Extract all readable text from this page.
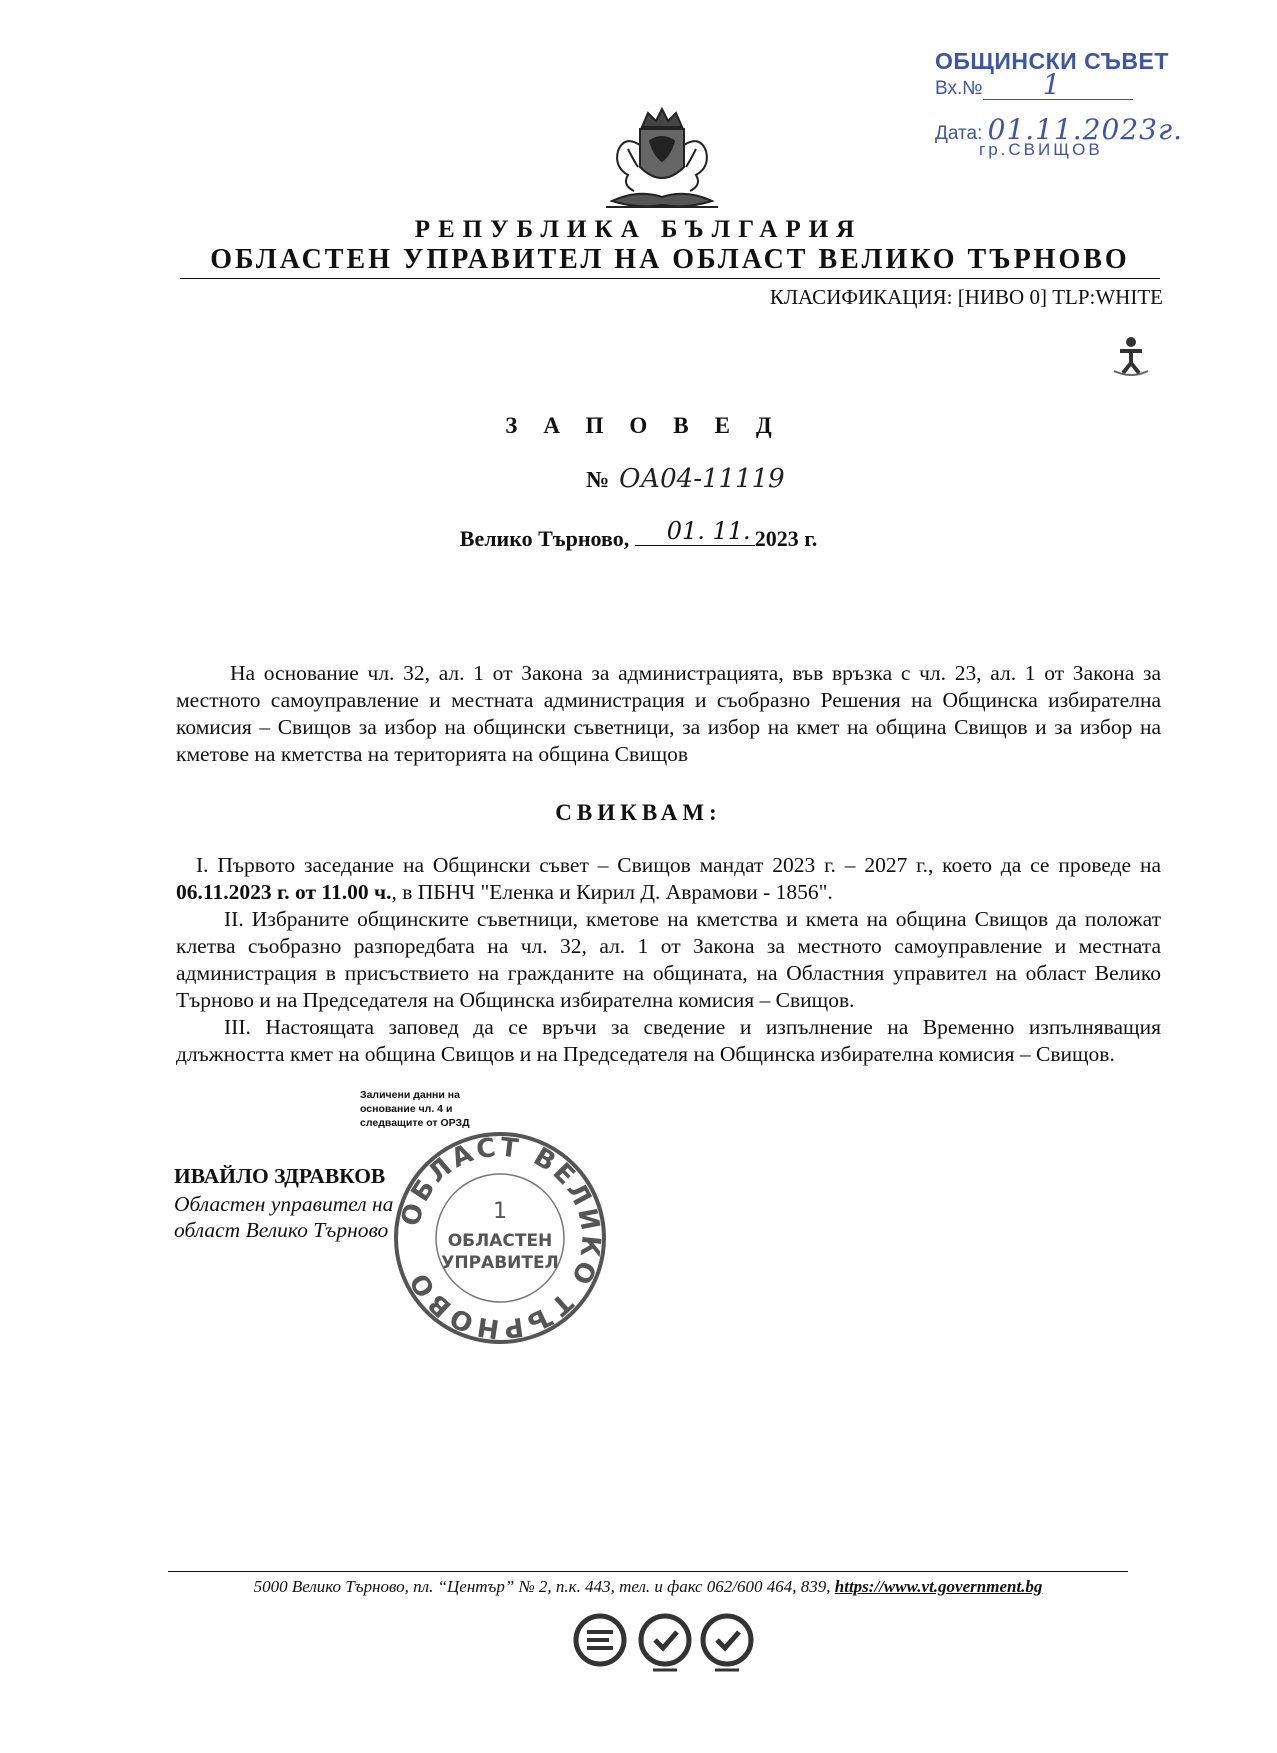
ОБЩИНСКИ СЪВЕТ
Вх.№ 1
Дата: 01.11.2023г.
гр.СВИЩОВ
РЕПУБЛИКА БЪЛГАРИЯ
ОБЛАСТЕН УПРАВИТЕЛ НА ОБЛАСТ ВЕЛИКО ТЪРНОВО
КЛАСИФИКАЦИЯ: [НИВО 0] TLP:WHITE
ЗАПОВЕД
№ ОА04-11119
Велико Търново, 01. 11. 2023 г.
На основание чл. 32, ал. 1 от Закона за администрацията, във връзка с чл. 23, ал. 1 от Закона за местното самоуправление и местната администрация и съобразно Решения на Общинска избирателна комисия – Свищов за избор на общински съветници, за избор на кмет на община Свищов и за избор на кметове на кметства на територията на община Свищов
СВИКВАМ:

I. Първото заседание на Общински съвет – Свищов мандат 2023 г. – 2027 г., което да се проведе на 06.11.2023 г. от 11.00 ч., в ПБНЧ "Еленка и Кирил Д. Аврамови - 1856".

II. Избраните общинските съветници, кметове на кметства и кмета на община Свищов да положат клетва съобразно разпоредбата на чл. 32, ал. 1 от Закона за местното самоуправление и местната администрация в присъствието на гражданите на общината, на Областния управител на област Велико Търново и на Председателя на Общинска избирателна комисия – Свищов.

III. Настоящата заповед да се връчи за сведение и изпълнение на Временно изпълняващия длъжността кмет на община Свищов и на Председателя на Общинска избирателна комисия – Свищов.

Заличени данни на основание чл. 4 и следващите от ОРЗД
ИВАЙЛО ЗДРАВКОВ
Областен управител на
област Велико Търново
ОБЛАСТ ВЕЛИКО ТЪРНОВО
1
ОБЛАСТЕН
УПРАВИТЕЛ
5000 Велико Търново, пл. “Център” № 2, п.к. 443, тел. и факс 062/600 464, 839, https://www.vt.government.bg
